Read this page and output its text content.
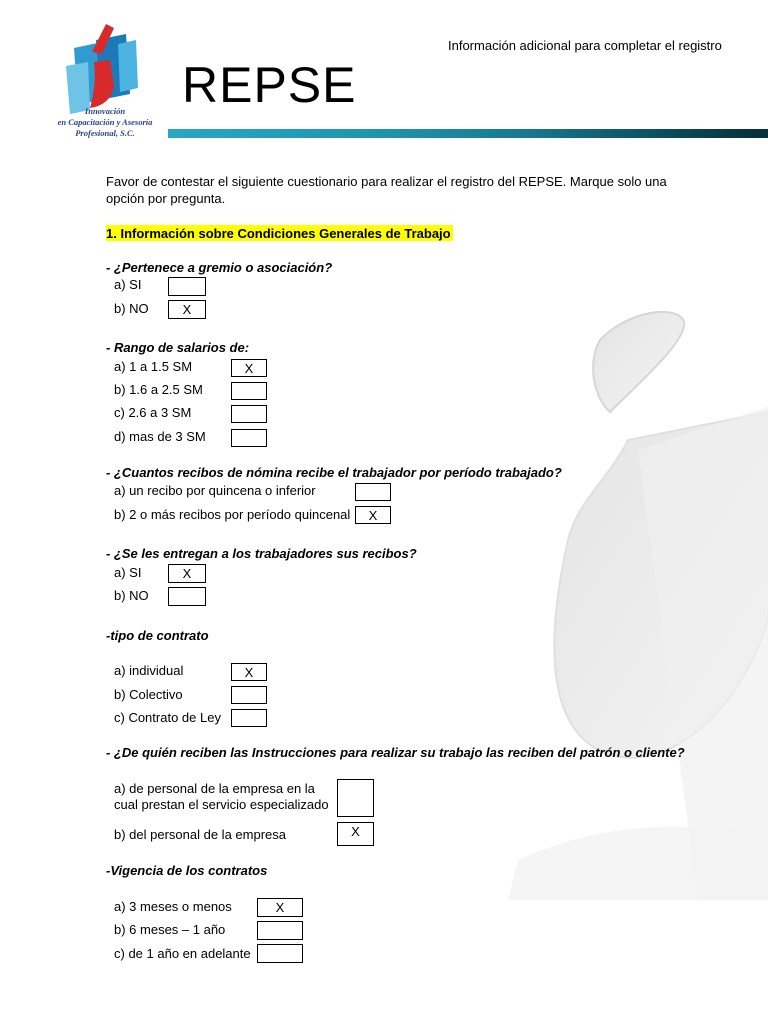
Innovación
en Capacitación y Asesoría
Profesional, S.C.
REPSE
Información adicional para completar el registro
Favor de contestar el siguiente cuestionario para realizar el registro del REPSE. Marque solo una
opción por pregunta.
1. Información sobre Condiciones Generales de Trabajo
- ¿Pertenece a gremio o asociación?
a) SI
b) NO	X
- Rango de salarios de:
a) 1 a 1.5 SM	X
b) 1.6 a 2.5 SM
c) 2.6 a 3 SM
d) mas de 3 SM
- ¿Cuantos recibos de nómina recibe el trabajador por período trabajado?
a) un recibo por quincena o inferior
b) 2 o más recibos por período quincenal	X
- ¿Se les entregan a los trabajadores sus recibos?
a) SI	X
b) NO
-tipo de contrato
a) individual	X
b) Colectivo
c) Contrato de Ley
- ¿De quién reciben las Instrucciones para realizar su trabajo las reciben del patrón o cliente?
a) de personal de la empresa en la
cual prestan el servicio especializado
b) del personal de la empresa	X
-Vigencia de los contratos
a) 3 meses o menos	X
b) 6 meses – 1 año
c) de 1 año en adelante
